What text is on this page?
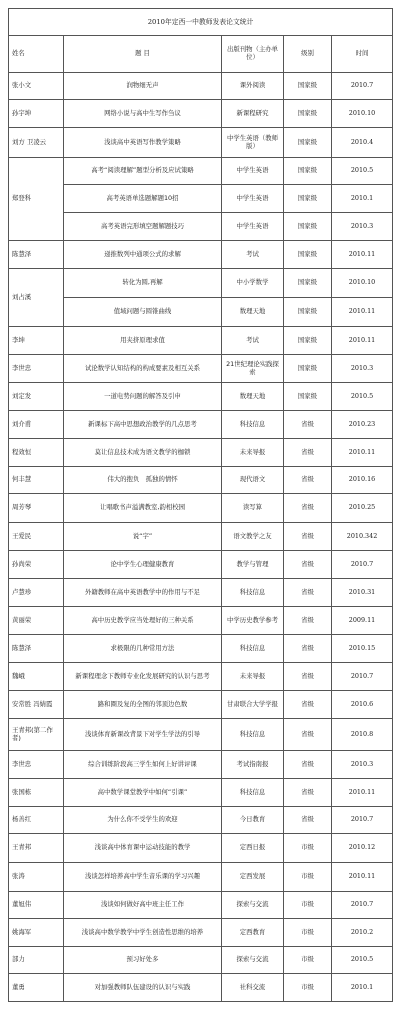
2010年定西一中教师发表论文统计				
姓名	题 目	出版刊物（主办单位）	级别	时间
张小文	润物细无声	课外阅读	国家级	2010.7
孙宇坤	网络小说与高中生写作刍议	新课程研究	国家级	2010.10
刘方 卫凌云	浅谈高中英语写作教学策略	中学生英语（教师版）	国家级	2010.4
郑登科	高考“阅读理解”题型分析及应试策略	中学生英语	国家级	2010.5
	高考英语单选题解题10招	中学生英语	国家级	2010.1
	高考英语完形填空题解题技巧	中学生英语	国家级	2010.3
陈慧泽	递推数列中通项公式的求解	考试	国家级	2010.11
刘占溪	转化为圆,再解	中小学数学	国家级	2010.10
	值域问题与圆锥曲线	数理天地	国家级	2010.11
李坤	用夹挤原理求值	考试	国家级	2010.11
李世忠	试论数学认知结构的构成要素及相互关系	21世纪理论实践探索	国家级	2010.3
刘定发	一道电势问题的解答及引申	数理天地	国家级	2010.5
刘介甫	新课标下高中思想政治教学的几点思考	科技信息	省级	2010.23
程效恒	莫让信息技术成为语文教学的枷锁	未来导报	省级	2010.11
何丰慧	伟大的抱负　孤独的情怀	现代语文	省级	2010.16
周芳琴	让唱歌书声溢满教室,韵相校园	读写算	省级	2010.25
王爱民	说“字”	语文教学之友	省级	2010.342
孙尚荣	论中学生心理健康教育	教学与管理	省级	2010.7
卢慧珍	外籍教师在高中英语教学中的作用与不足	科技信息	省级	2010.31
黄丽荣	高中历史教学应当处理好的三种关系	中学历史教学参考	省级	2009.11
陈慧泽	求极限的几种常用方法	科技信息	省级	2010.15
魏峨	新课程理念下教师专业化发展研究的认识与思考	未来导报	省级	2010.7
安常胜 冯婧霞	路和圈及复的全图的邻顶边色数	甘肃联合大学学报	省级	2010.6
王青邦(第二作者)	浅谈体育新课改背景下对学生学法的引导	科技信息	省级	2010.8
李世忠	综合训练阶段高三学生如何上好讲评课	考试指南报	省级	2010.3
张国栋	高中数学课堂教学中如何“引课”	科技信息	省级	2010.11
杨善红	为什么你不受学生的欢迎	今日教育	省级	2010.7
王青邦	浅谈高中体育课中运动技能的教学	定西日报	市级	2010.12
张涛	浅谈怎样培养高中学生音乐课的学习兴趣	定西发展	市级	2010.11
董旭伟	浅谈如何做好高中班主任工作	探索与交流	市级	2010.7
姚海军	浅谈高中数学教学中学生创造性思维的培养	定西教育	市级	2010.2
部力	预习好处多	探索与交流	市级	2010.5
董勇	对加强教师队伍建设的认识与实践	社科交流	市级	2010.1
